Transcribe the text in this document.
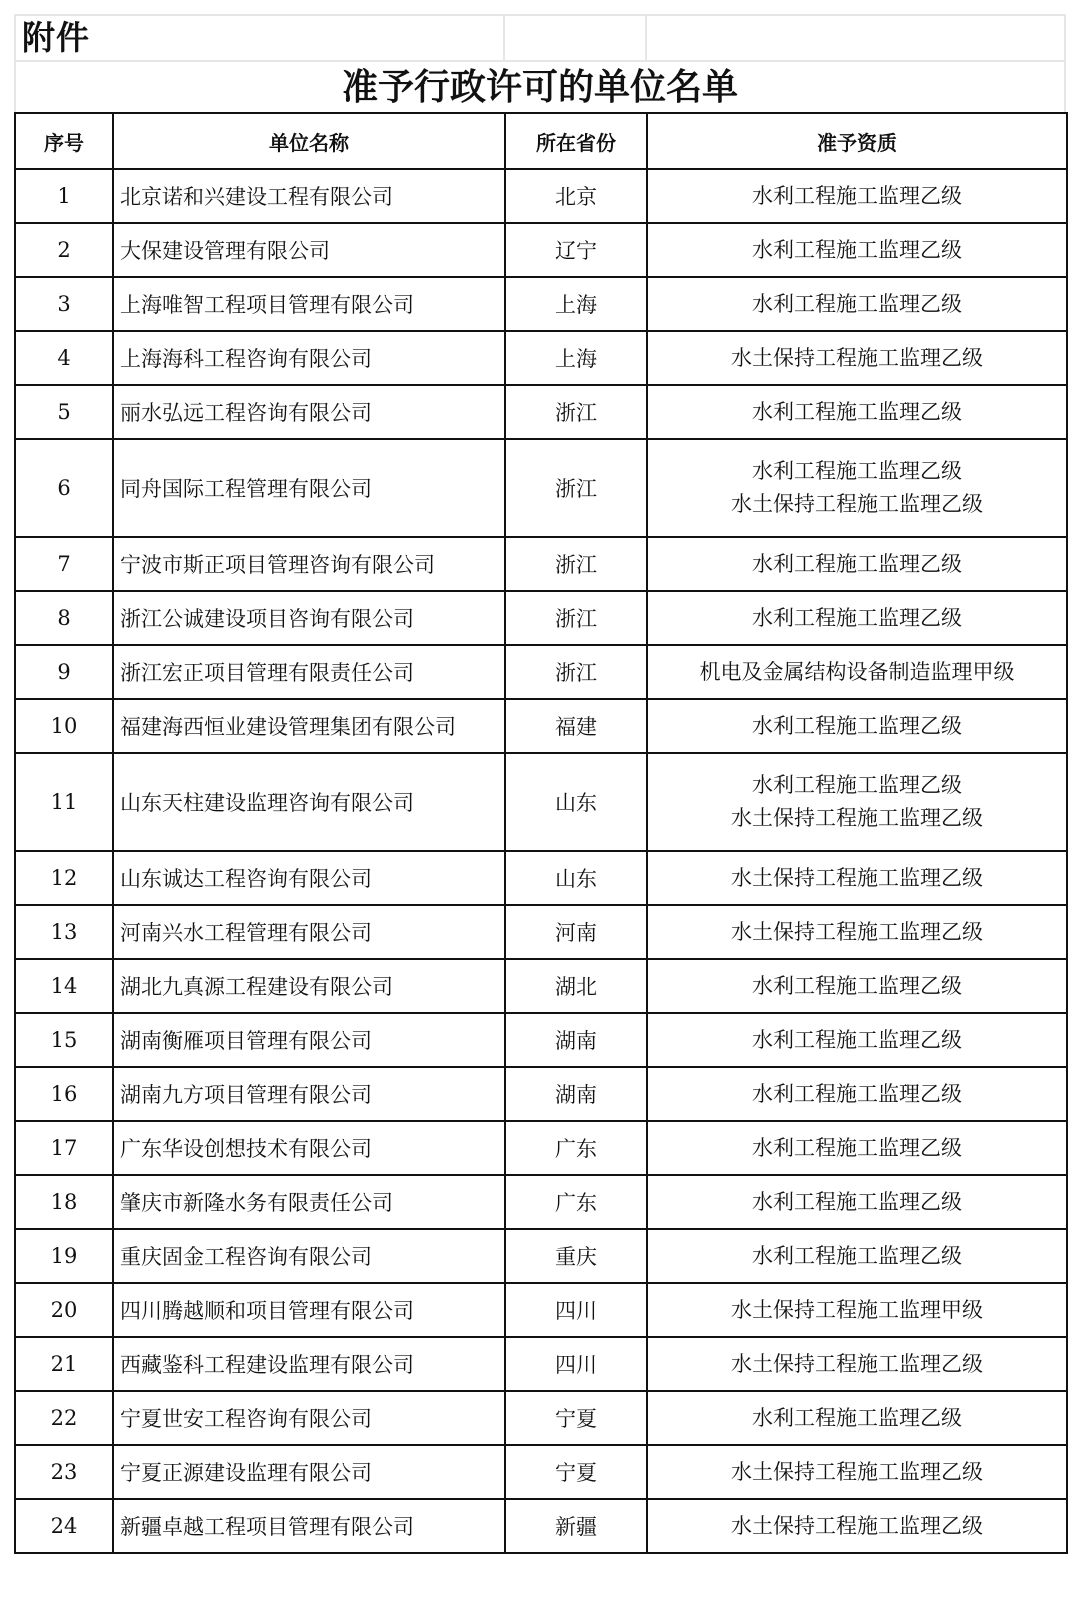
附件
准予行政许可的单位名单
序号	单位名称	所在省份	准予资质
1	北京诺和兴建设工程有限公司	北京	水利工程施工监理乙级

2	大保建设管理有限公司	辽宁	水利工程施工监理乙级

3	上海唯智工程项目管理有限公司	上海	水利工程施工监理乙级

4	上海海科工程咨询有限公司	上海	水土保持工程施工监理乙级

5	丽水弘远工程咨询有限公司	浙江	水利工程施工监理乙级

6	同舟国际工程管理有限公司	浙江	水利工程施工监理乙级
水土保持工程施工监理乙级

7	宁波市斯正项目管理咨询有限公司	浙江	水利工程施工监理乙级

8	浙江公诚建设项目咨询有限公司	浙江	水利工程施工监理乙级

9	浙江宏正项目管理有限责任公司	浙江	机电及金属结构设备制造监理甲级

10	福建海西恒业建设管理集团有限公司	福建	水利工程施工监理乙级

11	山东天柱建设监理咨询有限公司	山东	水利工程施工监理乙级
水土保持工程施工监理乙级

12	山东诚达工程咨询有限公司	山东	水土保持工程施工监理乙级

13	河南兴水工程管理有限公司	河南	水土保持工程施工监理乙级

14	湖北九真源工程建设有限公司	湖北	水利工程施工监理乙级

15	湖南衡雁项目管理有限公司	湖南	水利工程施工监理乙级

16	湖南九方项目管理有限公司	湖南	水利工程施工监理乙级

17	广东华设创想技术有限公司	广东	水利工程施工监理乙级

18	肇庆市新隆水务有限责任公司	广东	水利工程施工监理乙级

19	重庆固金工程咨询有限公司	重庆	水利工程施工监理乙级

20	四川腾越顺和项目管理有限公司	四川	水土保持工程施工监理甲级

21	西藏鉴科工程建设监理有限公司	四川	水土保持工程施工监理乙级

22	宁夏世安工程咨询有限公司	宁夏	水利工程施工监理乙级

23	宁夏正源建设监理有限公司	宁夏	水土保持工程施工监理乙级

24	新疆卓越工程项目管理有限公司	新疆	水土保持工程施工监理乙级
